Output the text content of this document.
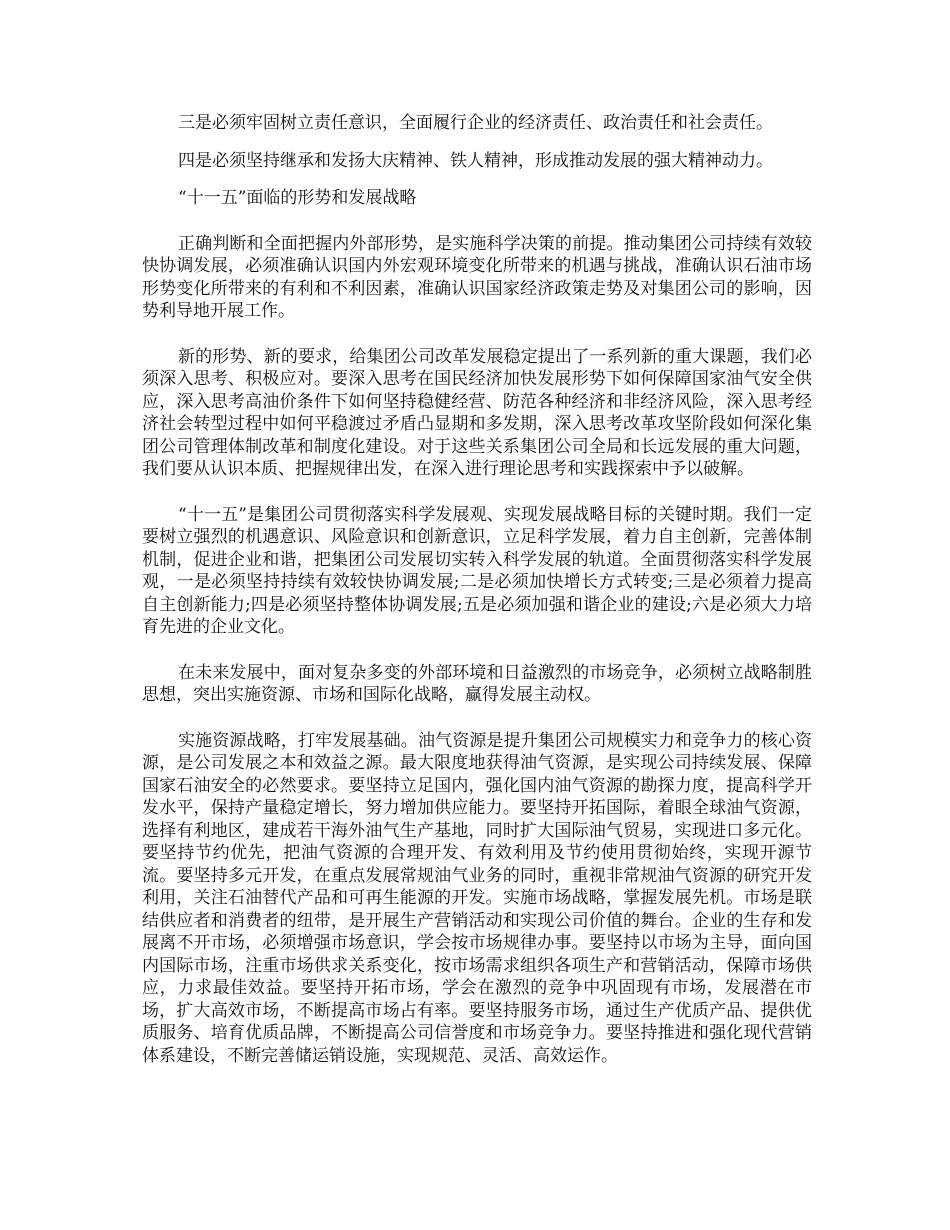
三是必须牢固树立责任意识，全面履行企业的经济责任、政治责任和社会责任。

四是必须坚持继承和发扬大庆精神、铁人精神，形成推动发展的强大精神动力。

“十一五”面临的形势和发展战略

正确判断和全面把握内外部形势，是实施科学决策的前提。推动集团公司持续有效较快协调发展，必须准确认识国内外宏观环境变化所带来的机遇与挑战，准确认识石油市场形势变化所带来的有利和不利因素，准确认识国家经济政策走势及对集团公司的影响，因势利导地开展工作。

新的形势、新的要求，给集团公司改革发展稳定提出了一系列新的重大课题，我们必须深入思考、积极应对。要深入思考在国民经济加快发展形势下如何保障国家油气安全供应，深入思考高油价条件下如何坚持稳健经营、防范各种经济和非经济风险，深入思考经济社会转型过程中如何平稳渡过矛盾凸显期和多发期，深入思考改革攻坚阶段如何深化集团公司管理体制改革和制度化建设。对于这些关系集团公司全局和长远发展的重大问题，我们要从认识本质、把握规律出发，在深入进行理论思考和实践探索中予以破解。

“十一五”是集团公司贯彻落实科学发展观、实现发展战略目标的关键时期。我们一定要树立强烈的机遇意识、风险意识和创新意识，立足科学发展，着力自主创新，完善体制机制，促进企业和谐，把集团公司发展切实转入科学发展的轨道。全面贯彻落实科学发展观，一是必须坚持持续有效较快协调发展;二是必须加快增长方式转变;三是必须着力提高自主创新能力;四是必须坚持整体协调发展;五是必须加强和谐企业的建设;六是必须大力培育先进的企业文化。

在未来发展中，面对复杂多变的外部环境和日益激烈的市场竞争，必须树立战略制胜思想，突出实施资源、市场和国际化战略，赢得发展主动权。

实施资源战略，打牢发展基础。油气资源是提升集团公司规模实力和竞争力的核心资源，是公司发展之本和效益之源。最大限度地获得油气资源，是实现公司持续发展、保障国家石油安全的必然要求。要坚持立足国内，强化国内油气资源的勘探力度，提高科学开发水平，保持产量稳定增长，努力增加供应能力。要坚持开拓国际，着眼全球油气资源，选择有利地区，建成若干海外油气生产基地，同时扩大国际油气贸易，实现进口多元化。要坚持节约优先，把油气资源的合理开发、有效利用及节约使用贯彻始终，实现开源节流。要坚持多元开发，在重点发展常规油气业务的同时，重视非常规油气资源的研究开发利用，关注石油替代产品和可再生能源的开发。实施市场战略，掌握发展先机。市场是联结供应者和消费者的纽带，是开展生产营销活动和实现公司价值的舞台。企业的生存和发展离不开市场，必须增强市场意识，学会按市场规律办事。要坚持以市场为主导，面向国内国际市场，注重市场供求关系变化，按市场需求组织各项生产和营销活动，保障市场供应，力求最佳效益。要坚持开拓市场，学会在激烈的竞争中巩固现有市场，发展潜在市场，扩大高效市场，不断提高市场占有率。要坚持服务市场，通过生产优质产品、提供优质服务、培育优质品牌，不断提高公司信誉度和市场竞争力。要坚持推进和强化现代营销体系建设，不断完善储运销设施，实现规范、灵活、高效运作。
